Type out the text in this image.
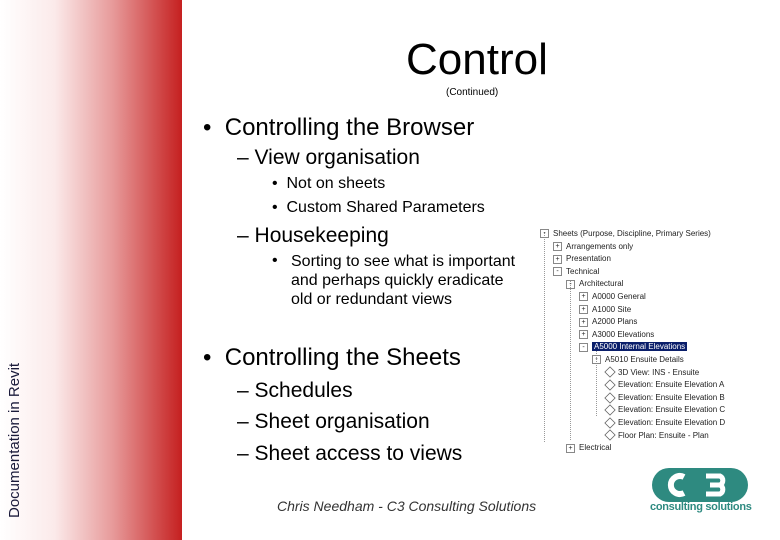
Documentation in Revit
Control
(Continued)
• Controlling the Browser
– View organisation
• Not on sheets
• Custom Shared Parameters
– Housekeeping
• Sorting to see what is important and perhaps quickly eradicate old or redundant views
• Controlling the Sheets
– Schedules
– Sheet organisation
– Sheet access to views
- Sheets (Purpose, Discipline, Primary Series)
+ Arrangements only
+ Presentation
- Technical
- Architectural
+ A0000 General
+ A1000 Site
+ A2000 Plans
+ A3000 Elevations
- A5000 Internal Elevations
- A5010 Ensuite Details
3D View: INS - Ensuite
Elevation: Ensuite Elevation A
Elevation: Ensuite Elevation B
Elevation: Ensuite Elevation C
Elevation: Ensuite Elevation D
Floor Plan: Ensuite - Plan
+ Electrical
Chris Needham - C3 Consulting Solutions	consulting solutions
